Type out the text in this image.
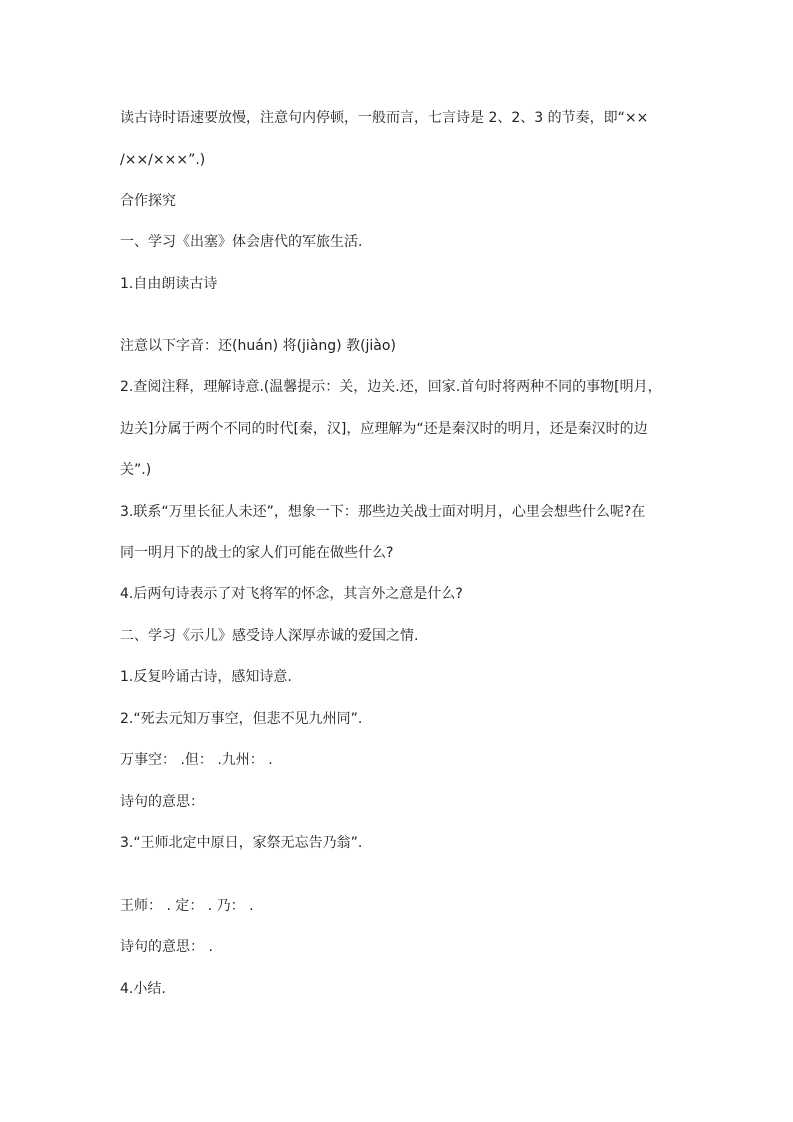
读古诗时语速要放慢，注意句内停顿，一般而言，七言诗是 2、2、3 的节奏，即“××
/××/×××”.)
合作探究
一、学习《出塞》体会唐代的军旅生活.
1.自由朗读古诗
注意以下字音：还(huán) 将(jiàng) 教(jiào)
2.查阅注释，理解诗意.(温馨提示：关，边关.还，回家.首句时将两种不同的事物[明月，
边关]分属于两个不同的时代[秦，汉]，应理解为“还是秦汉时的明月，还是秦汉时的边
关”.)
3.联系“万里长征人未还”，想象一下：那些边关战士面对明月，心里会想些什么呢?在
同一明月下的战士的家人们可能在做些什么?
4.后两句诗表示了对飞将军的怀念，其言外之意是什么?
二、学习《示儿》感受诗人深厚赤诚的爱国之情.
1.反复吟诵古诗，感知诗意.
2.“死去元知万事空，但悲不见九州同”.
万事空： .但： .九州： .
诗句的意思：
3.“王师北定中原日，家祭无忘告乃翁”.
王师： . 定： . 乃： .
诗句的意思： .
4.小结.
